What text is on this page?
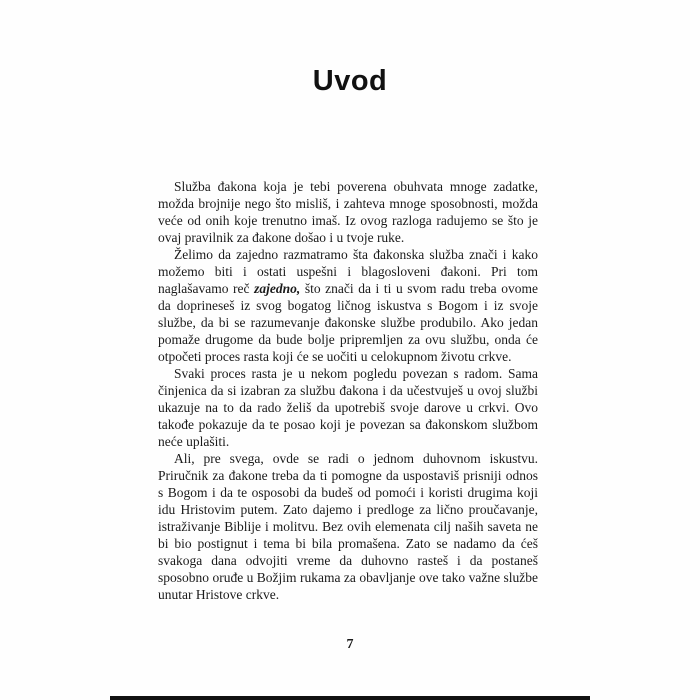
Uvod

Služba đakona koja je tebi poverena obuhvata mnoge zadatke, možda brojnije nego što misliš, i zahteva mnoge sposobnosti, možda veće od onih koje trenutno imaš. Iz ovog razloga radujemo se što je ovaj pravilnik za đakone došao i u tvoje ruke.

Želimo da zajedno razmatramo šta đakonska služba znači i kako možemo biti i ostati uspešni i blagoslovеni đakoni. Pri tom naglašavamo reč zajedno, što znači da i ti u svom radu treba ovome da doprineseš iz svog bogatog ličnog iskustva s Bogom i iz svoje službe, da bi se razumevanje đakonske službe produbilo. Ako jedan pomaže drugome da bude bolje pripremljen za ovu službu, onda će otpočeti proces rasta koji će se uočiti u celokupnom životu crkve.

Svaki proces rasta je u nekom pogledu povezan s radom. Sama činjenica da si izabran za službu đakona i da učestvuješ u ovoj službi ukazuje na to da rado želiš da upotrebiš svoje darove u crkvi. Ovo takođe pokazuje da te posao koji je povezan sa đakonskom službom neće uplašiti.

Ali, pre svega, ovde se radi o jednom duhovnom iskustvu. Priručnik za đakone treba da ti pomogne da uspostaviš prisniji odnos s Bogom i da te osposobi da budeš od pomoći i koristi drugima koji idu Hristovim putem. Zato dajemo i predloge za lično proučavanje, istraživanje Biblije i molitvu. Bez ovih elemenata cilj naših saveta ne bi bio postignut i tema bi bila promašena. Zato se nadamo da ćeš svakoga dana odvojiti vreme da duhovno rasteš i da postaneš sposobno oruđe u Božjim rukama za obavljanje ove tako važne službe unutar Hristove crkve.

7
